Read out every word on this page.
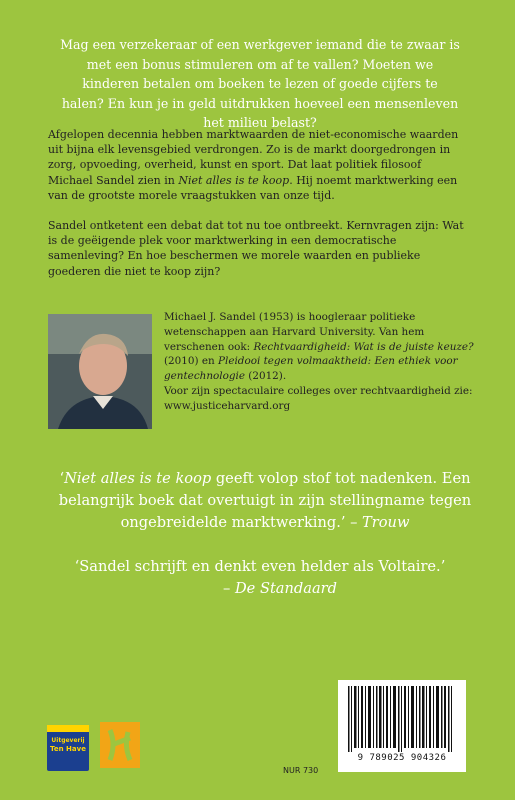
Mag een verzekeraar of een werkgever iemand die te zwaar is met een bonus stimuleren om af te vallen? Moeten we kinderen betalen om boeken te lezen of goede cijfers te halen? En kun je in geld uitdrukken hoeveel een mensenleven het milieu belast?

Afgelopen decennia hebben marktwaarden de niet-economische waarden uit bijna elk levensgebied verdrongen. Zo is de markt doorgedrongen in zorg, opvoeding, overheid, kunst en sport. Dat laat politiek filosoof Michael Sandel zien in Niet alles is te koop. Hij noemt marktwerking een van de grootste morele vraagstukken van onze tijd.

Sandel ontketent een debat dat tot nu toe ontbreekt. Kernvragen zijn: Wat is de geëigende plek voor marktwerking in een democratische samenleving? En hoe beschermen we morele waarden en publieke goederen die niet te koop zijn?

Michael J. Sandel (1953) is hoogleraar politieke wetenschappen aan Harvard University. Van hem verschenen ook: Rechtvaardigheid: Wat is de juiste keuze? (2010) en Pleidooi tegen volmaaktheid: Een ethiek voor gentechnologie (2012).
Voor zijn spectaculaire colleges over rechtvaardigheid zie: www.justiceharvard.org

‘Niet alles is te koop geeft volop stof tot nadenken. Een belangrijk boek dat overtuigt in zijn stellingname tegen ongebreidelde marktwerking.’ – Trouw

‘Sandel schrijft en denkt even helder als Voltaire.’
– De Standaard

Uitgeverij
Ten Have
NUR 730
9 789025 904326
